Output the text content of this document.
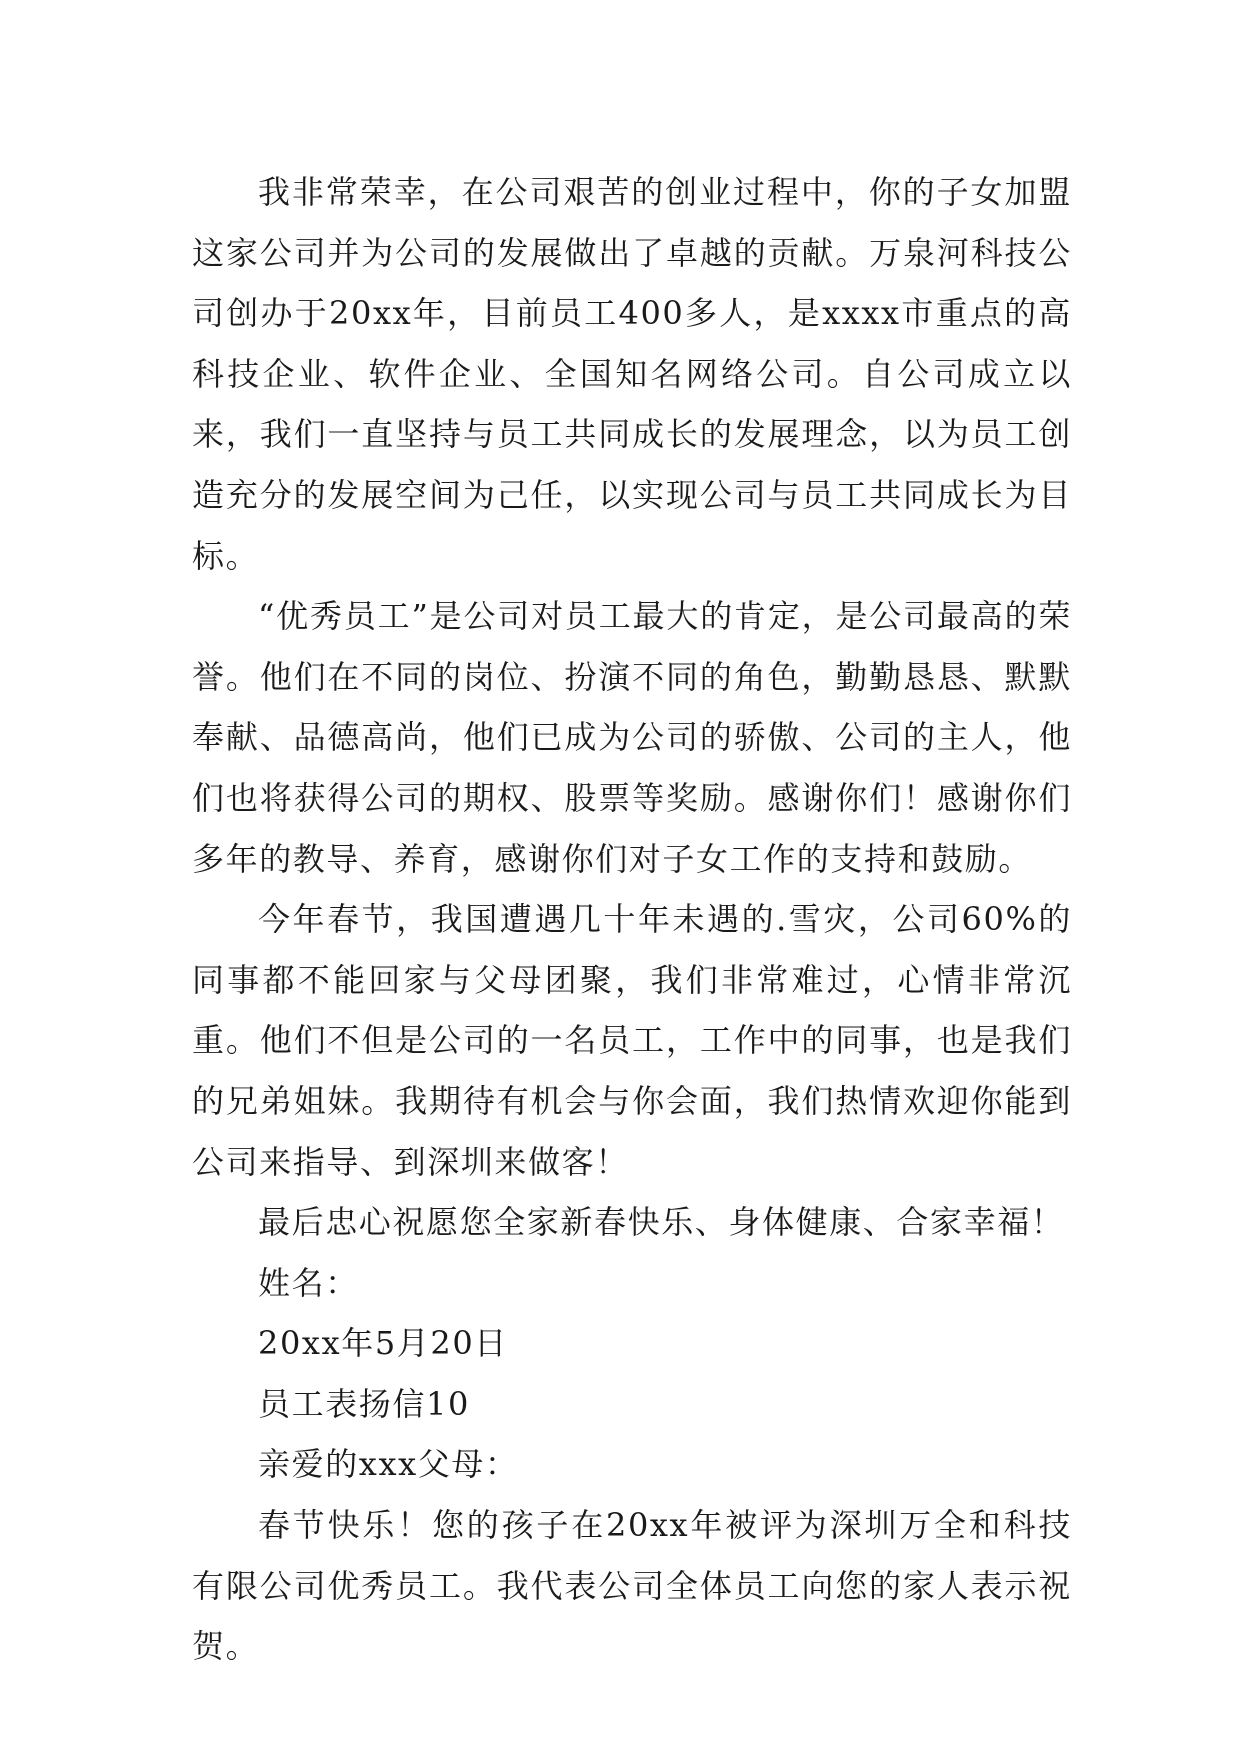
我非常荣幸，在公司艰苦的创业过程中，你的子女加盟这家公司并为公司的发展做出了卓越的贡献。万泉河科技公司创办于20xx年，目前员工400多人，是xxxx市重点的高科技企业、软件企业、全国知名网络公司。自公司成立以来，我们一直坚持与员工共同成长的发展理念，以为员工创造充分的发展空间为己任，以实现公司与员工共同成长为目标。

“优秀员工”是公司对员工最大的肯定，是公司最高的荣誉。他们在不同的岗位、扮演不同的角色，勤勤恳恳、默默奉献、品德高尚，他们已成为公司的骄傲、公司的主人，他们也将获得公司的期权、股票等奖励。感谢你们！感谢你们多年的教导、养育，感谢你们对子女工作的支持和鼓励。

今年春节，我国遭遇几十年未遇的.雪灾，公司60%的同事都不能回家与父母团聚，我们非常难过，心情非常沉重。他们不但是公司的一名员工，工作中的同事，也是我们的兄弟姐妹。我期待有机会与你会面，我们热情欢迎你能到公司来指导、到深圳来做客！

最后忠心祝愿您全家新春快乐、身体健康、合家幸福！

姓名：

20xx年5月20日

员工表扬信10

亲爱的xxx父母：

春节快乐！您的孩子在20xx年被评为深圳万全和科技有限公司优秀员工。我代表公司全体员工向您的家人表示祝贺。
